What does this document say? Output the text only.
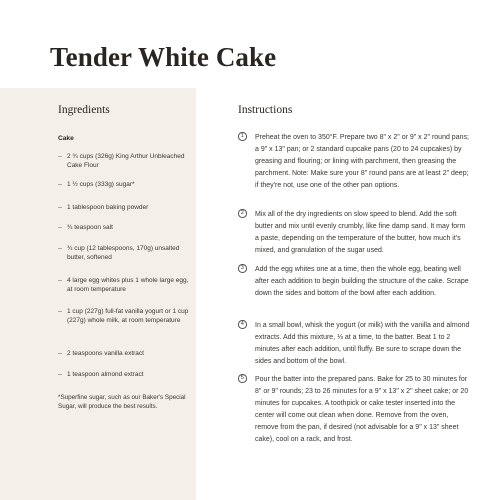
Tender White Cake
Ingredients
Cake
2 ¾ cups (326g) King Arthur Unbleached Cake Flour
1 ½ cups (333g) sugar*
1 tablespoon baking powder
¾ teaspoon salt
¾ cup (12 tablespoons, 170g) unsalted butter, softened
4 large egg whites plus 1 whole large egg, at room temperature
1 cup (227g) full-fat vanilla yogurt or 1 cup (227g) whole milk, at room temperature
2 teaspoons vanilla extract
1 teaspoon almond extract
*Superfine sugar, such as our Baker's Special Sugar, will produce the best results.
Instructions
1	Preheat the oven to 350°F. Prepare two 8" x 2" or 9" x 2" round pans; a 9" x 13" pan; or 2 standard cupcake pans (20 to 24 cupcakes) by greasing and flouring; or lining with parchment, then greasing the parchment. Note: Make sure your 8" round pans are at least 2" deep; if they're not, use one of the other pan options.
2	Mix all of the dry ingredients on slow speed to blend. Add the soft butter and mix until evenly crumbly, like fine damp sand. It may form a paste, depending on the temperature of the butter, how much it's mixed, and granulation of the sugar used.
3	Add the egg whites one at a time, then the whole egg, beating well after each addition to begin building the structure of the cake. Scrape down the sides and bottom of the bowl after each addition.
4	In a small bowl, whisk the yogurt (or milk) with the vanilla and almond extracts. Add this mixture, ⅓ at a time, to the batter. Beat 1 to 2 minutes after each addition, until fluffy. Be sure to scrape down the sides and bottom of the bowl.
5	Pour the batter into the prepared pans. Bake for 25 to 30 minutes for 8" or 9" rounds; 23 to 26 minutes for a 9" x 13" x 2" sheet cake; or 20 minutes for cupcakes. A toothpick or cake tester inserted into the center will come out clean when done. Remove from the oven, remove from the pan, if desired (not advisable for a 9" x 13" sheet cake), cool on a rack, and frost.
